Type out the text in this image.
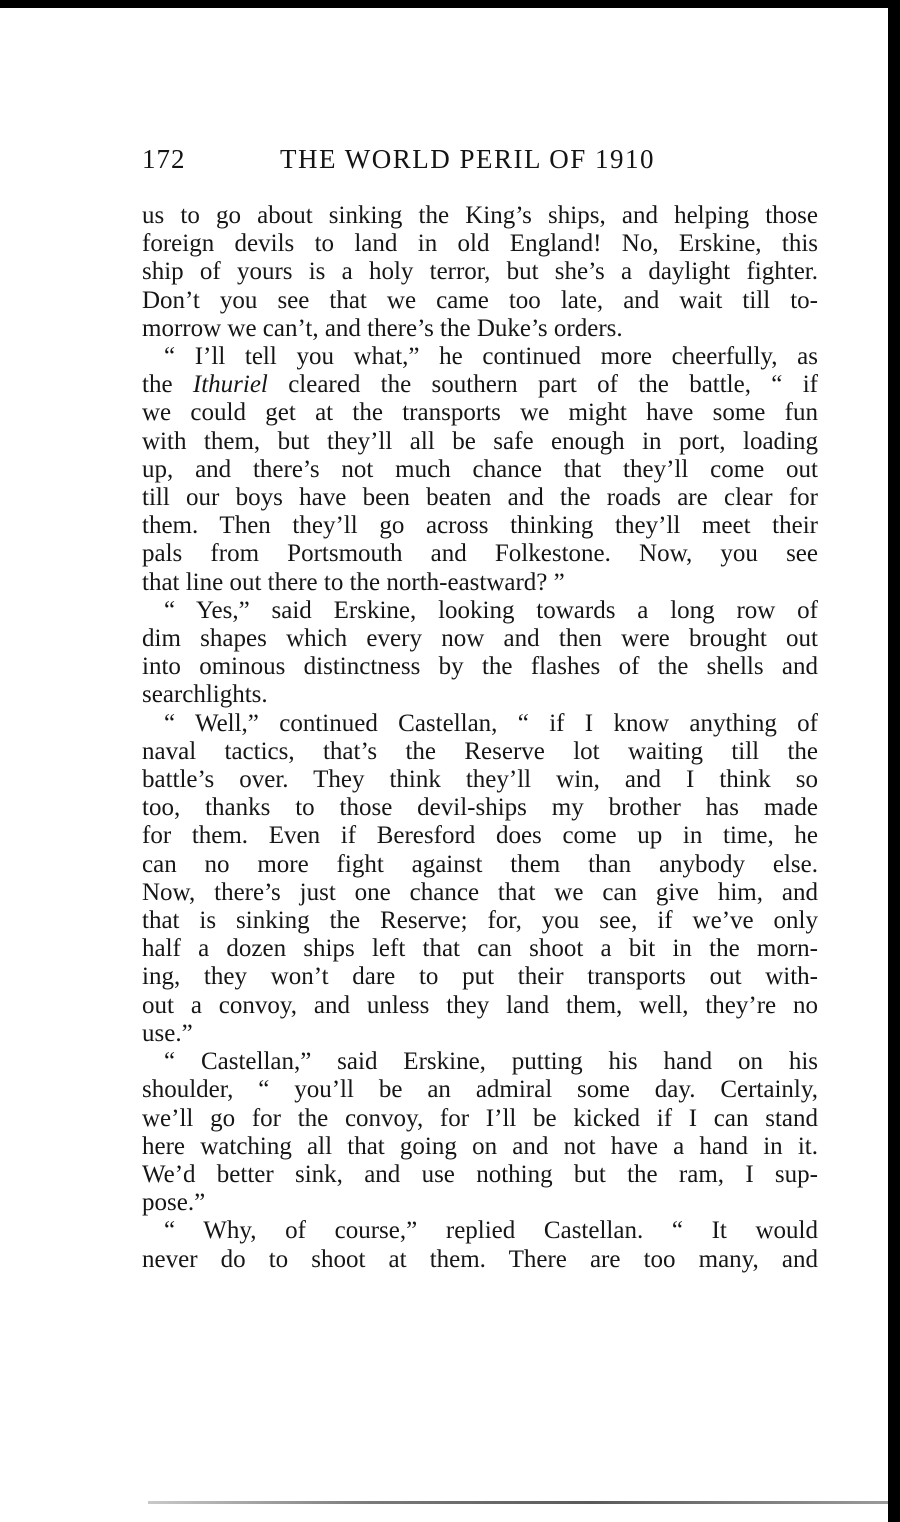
172	THE WORLD PERIL OF 1910
us to go about sinking the King’s ships, and helping those
foreign devils to land in old England! No, Erskine, this
ship of yours is a holy terror, but she’s a daylight fighter.
Don’t you see that we came too late, and wait till to-
morrow we can’t, and there’s the Duke’s orders.
“ I’ll tell you what,” he continued more cheerfully, as
the Ithuriel cleared the southern part of the battle, “ if
we could get at the transports we might have some fun
with them, but they’ll all be safe enough in port, loading
up, and there’s not much chance that they’ll come out
till our boys have been beaten and the roads are clear for
them. Then they’ll go across thinking they’ll meet their
pals from Portsmouth and Folkestone. Now, you see
that line out there to the north-eastward? ”
“ Yes,” said Erskine, looking towards a long row of
dim shapes which every now and then were brought out
into ominous distinctness by the flashes of the shells and
searchlights.
“ Well,” continued Castellan, “ if I know anything of
naval tactics, that’s the Reserve lot waiting till the
battle’s over. They think they’ll win, and I think so
too, thanks to those devil-ships my brother has made
for them. Even if Beresford does come up in time, he
can no more fight against them than anybody else.
Now, there’s just one chance that we can give him, and
that is sinking the Reserve; for, you see, if we’ve only
half a dozen ships left that can shoot a bit in the morn-
ing, they won’t dare to put their transports out with-
out a convoy, and unless they land them, well, they’re no
use.”
“ Castellan,” said Erskine, putting his hand on his
shoulder, “ you’ll be an admiral some day. Certainly,
we’ll go for the convoy, for I’ll be kicked if I can stand
here watching all that going on and not have a hand in it.
We’d better sink, and use nothing but the ram, I sup-
pose.”
“ Why, of course,” replied Castellan. “ It would
never do to shoot at them. There are too many, and
